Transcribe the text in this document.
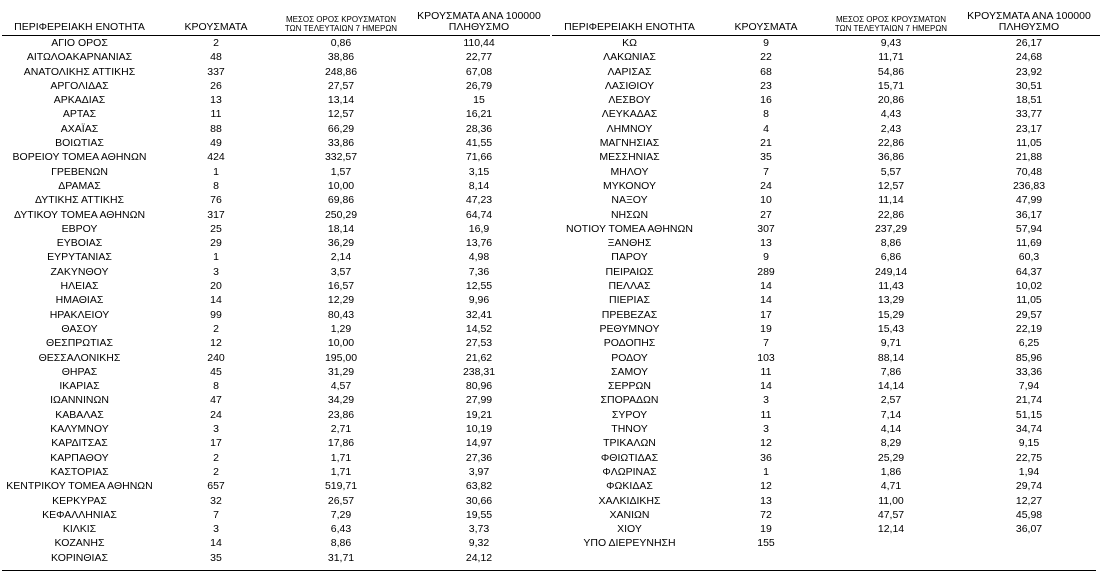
ΠΕΡΙΦΕΡΕΙΑΚΗ ΕΝΟΤΗΤΑ	ΚΡΟΥΣΜΑΤΑ
ΜΕΣΟΣ ΟΡΟΣ ΚΡΟΥΣΜΑΤΩΝ
ΤΩΝ ΤΕΛΕΥΤΑΙΩΝ 7 ΗΜΕΡΩΝ
ΚΡΟΥΣΜΑΤΑ ΑΝΑ 100000
ΠΛΗΘΥΣΜΟ
ΑΓΙΟ ΟΡΟΣ	2	0,86	110,44
ΑΙΤΩΛΟΑΚΑΡΝΑΝΙΑΣ	48	38,86	22,77
ΑΝΑΤΟΛΙΚΗΣ ΑΤΤΙΚΗΣ	337	248,86	67,08
ΑΡΓΟΛΙΔΑΣ	26	27,57	26,79
ΑΡΚΑΔΙΑΣ	13	13,14	15
ΑΡΤΑΣ	11	12,57	16,21
ΑΧΑΪΑΣ	88	66,29	28,36
ΒΟΙΩΤΙΑΣ	49	33,86	41,55
ΒΟΡΕΙΟΥ ΤΟΜΕΑ ΑΘΗΝΩΝ	424	332,57	71,66
ΓΡΕΒΕΝΩΝ	1	1,57	3,15
ΔΡΑΜΑΣ	8	10,00	8,14
ΔΥΤΙΚΗΣ ΑΤΤΙΚΗΣ	76	69,86	47,23
ΔΥΤΙΚΟΥ ΤΟΜΕΑ ΑΘΗΝΩΝ	317	250,29	64,74
ΕΒΡΟΥ	25	18,14	16,9
ΕΥΒΟΙΑΣ	29	36,29	13,76
ΕΥΡΥΤΑΝΙΑΣ	1	2,14	4,98
ΖΑΚΥΝΘΟΥ	3	3,57	7,36
ΗΛΕΙΑΣ	20	16,57	12,55
ΗΜΑΘΙΑΣ	14	12,29	9,96
ΗΡΑΚΛΕΙΟΥ	99	80,43	32,41
ΘΑΣΟΥ	2	1,29	14,52
ΘΕΣΠΡΩΤΙΑΣ	12	10,00	27,53
ΘΕΣΣΑΛΟΝΙΚΗΣ	240	195,00	21,62
ΘΗΡΑΣ	45	31,29	238,31
ΙΚΑΡΙΑΣ	8	4,57	80,96
ΙΩΑΝΝΙΝΩΝ	47	34,29	27,99
ΚΑΒΑΛΑΣ	24	23,86	19,21
ΚΑΛΥΜΝΟΥ	3	2,71	10,19
ΚΑΡΔΙΤΣΑΣ	17	17,86	14,97
ΚΑΡΠΑΘΟΥ	2	1,71	27,36
ΚΑΣΤΟΡΙΑΣ	2	1,71	3,97
ΚΕΝΤΡΙΚΟΥ ΤΟΜΕΑ ΑΘΗΝΩΝ	657	519,71	63,82
ΚΕΡΚΥΡΑΣ	32	26,57	30,66
ΚΕΦΑΛΛΗΝΙΑΣ	7	7,29	19,55
ΚΙΛΚΙΣ	3	6,43	3,73
ΚΟΖΑΝΗΣ	14	8,86	9,32
ΚΟΡΙΝΘΙΑΣ	35	31,71	24,12
ΠΕΡΙΦΕΡΕΙΑΚΗ ΕΝΟΤΗΤΑ	ΚΡΟΥΣΜΑΤΑ
ΜΕΣΟΣ ΟΡΟΣ ΚΡΟΥΣΜΑΤΩΝ
ΤΩΝ ΤΕΛΕΥΤΑΙΩΝ 7 ΗΜΕΡΩΝ
ΚΡΟΥΣΜΑΤΑ ΑΝΑ 100000
ΠΛΗΘΥΣΜΟ
ΚΩ	9	9,43	26,17
ΛΑΚΩΝΙΑΣ	22	11,71	24,68
ΛΑΡΙΣΑΣ	68	54,86	23,92
ΛΑΣΙΘΙΟΥ	23	15,71	30,51
ΛΕΣΒΟΥ	16	20,86	18,51
ΛΕΥΚΑΔΑΣ	8	4,43	33,77
ΛΗΜΝΟΥ	4	2,43	23,17
ΜΑΓΝΗΣΙΑΣ	21	22,86	11,05
ΜΕΣΣΗΝΙΑΣ	35	36,86	21,88
ΜΗΛΟΥ	7	5,57	70,48
ΜΥΚΟΝΟΥ	24	12,57	236,83
ΝΑΞΟΥ	10	11,14	47,99
ΝΗΣΩΝ	27	22,86	36,17
ΝΟΤΙΟΥ ΤΟΜΕΑ ΑΘΗΝΩΝ	307	237,29	57,94
ΞΑΝΘΗΣ	13	8,86	11,69
ΠΑΡΟΥ	9	6,86	60,3
ΠΕΙΡΑΙΩΣ	289	249,14	64,37
ΠΕΛΛΑΣ	14	11,43	10,02
ΠΙΕΡΙΑΣ	14	13,29	11,05
ΠΡΕΒΕΖΑΣ	17	15,29	29,57
ΡΕΘΥΜΝΟΥ	19	15,43	22,19
ΡΟΔΟΠΗΣ	7	9,71	6,25
ΡΟΔΟΥ	103	88,14	85,96
ΣΑΜΟΥ	11	7,86	33,36
ΣΕΡΡΩΝ	14	14,14	7,94
ΣΠΟΡΑΔΩΝ	3	2,57	21,74
ΣΥΡΟΥ	11	7,14	51,15
ΤΗΝΟΥ	3	4,14	34,74
ΤΡΙΚΑΛΩΝ	12	8,29	9,15
ΦΘΙΩΤΙΔΑΣ	36	25,29	22,75
ΦΛΩΡΙΝΑΣ	1	1,86	1,94
ΦΩΚΙΔΑΣ	12	4,71	29,74
ΧΑΛΚΙΔΙΚΗΣ	13	11,00	12,27
ΧΑΝΙΩΝ	72	47,57	45,98
ΧΙΟΥ	19	12,14	36,07
ΥΠΟ ΔΙΕΡΕΥΝΗΣΗ	155
